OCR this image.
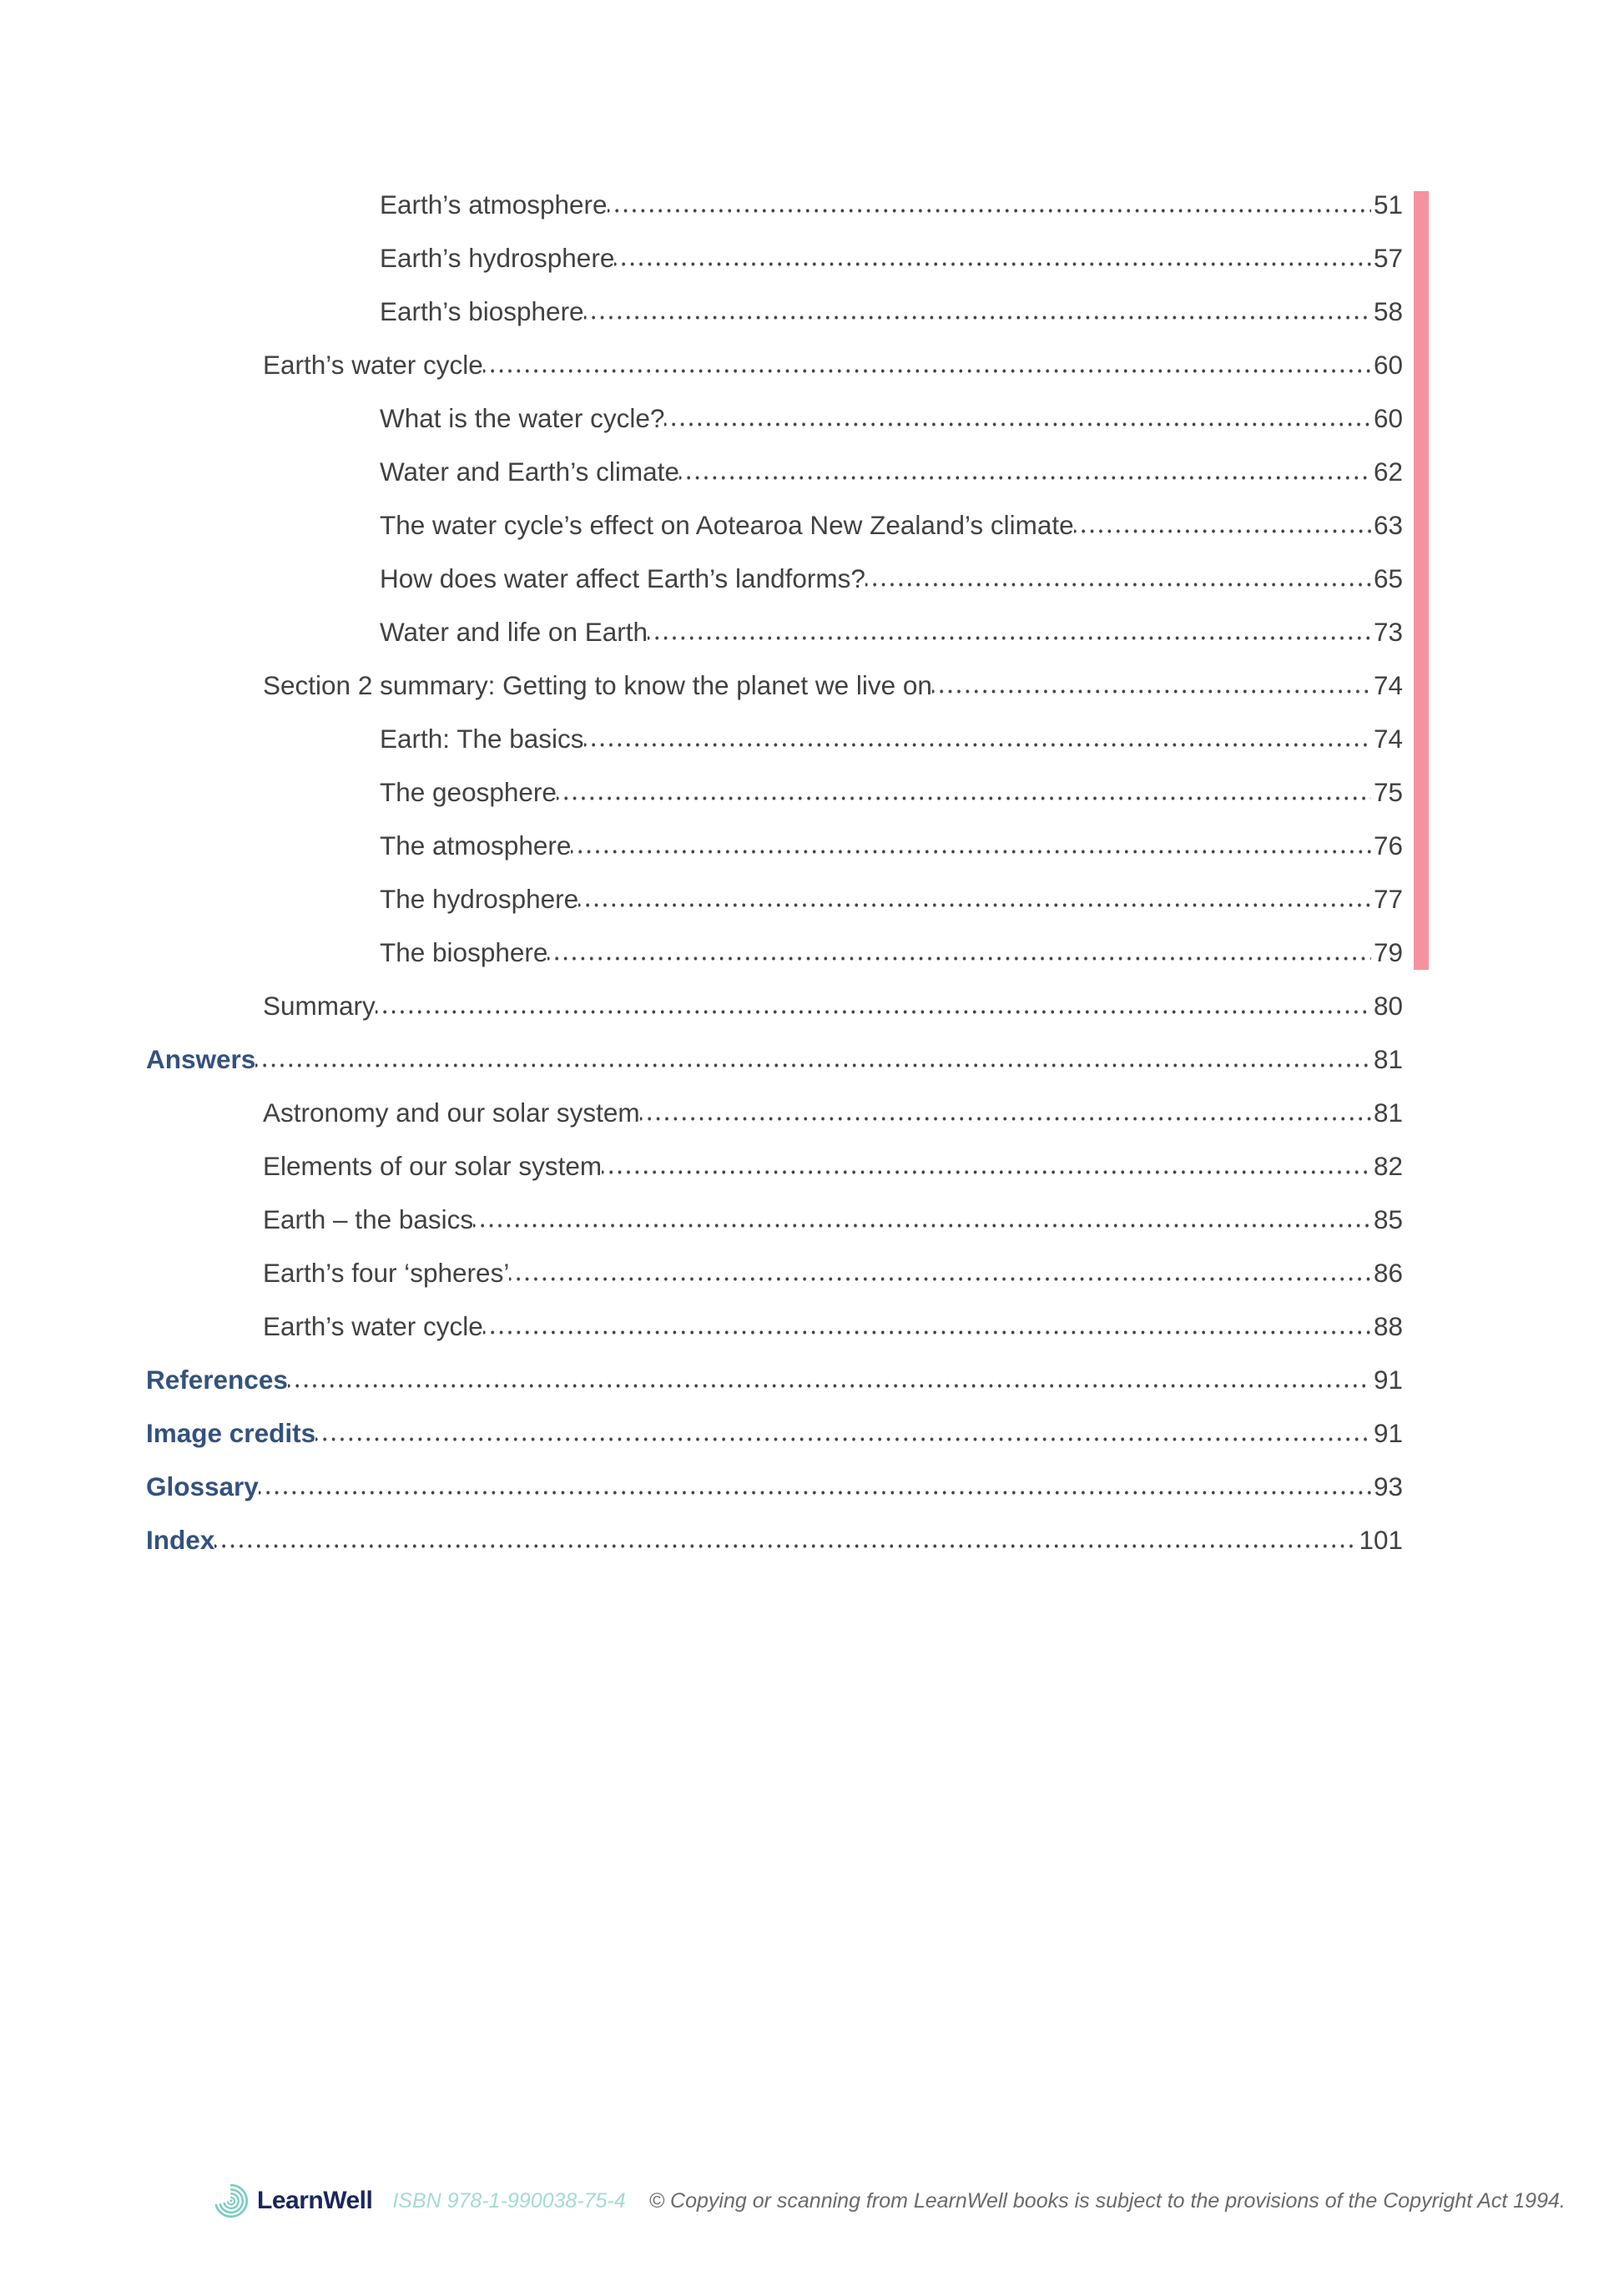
Earth’s atmosphere	51
Earth’s hydrosphere	57
Earth’s biosphere	58
Earth’s water cycle	60
What is the water cycle?	60
Water and Earth’s climate	62
The water cycle’s effect on Aotearoa New Zealand’s climate	63
How does water affect Earth’s landforms?	65
Water and life on Earth	73
Section 2 summary: Getting to know the planet we live on	74
Earth: The basics	74
The geosphere	75
The atmosphere	76
The hydrosphere	77
The biosphere	79
Summary	80
Answers	81
Astronomy and our solar system	81
Elements of our solar system	82
Earth – the basics	85
Earth’s four ‘spheres’	86
Earth’s water cycle	88
References	91
Image credits	91
Glossary	93
Index	101
LearnWell ISBN 978-1-990038-75-4 © Copying or scanning from LearnWell books is subject to the provisions of the Copyright Act 1994.
